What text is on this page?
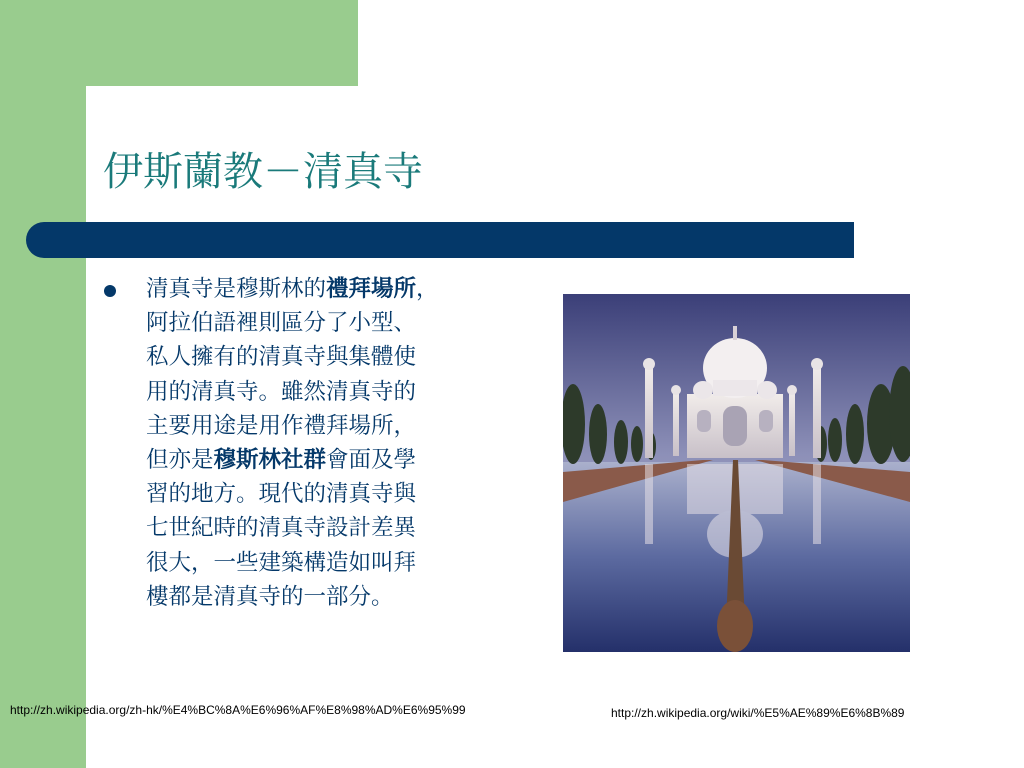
伊斯蘭教－清真寺
清真寺是穆斯林的禮拜場所，
阿拉伯語裡則區分了小型、
私人擁有的清真寺與集體使
用的清真寺。雖然清真寺的
主要用途是用作禮拜場所，
但亦是穆斯林社群會面及學
習的地方。現代的清真寺與
七世紀時的清真寺設計差異
很大，一些建築構造如叫拜
樓都是清真寺的一部分。
http://zh.wikipedia.org/zh-hk/%E4%BC%8A%E6%96%AF%E8%98%AD%E6%95%99	http://zh.wikipedia.org/wiki/%E5%AE%89%E6%8B%89
